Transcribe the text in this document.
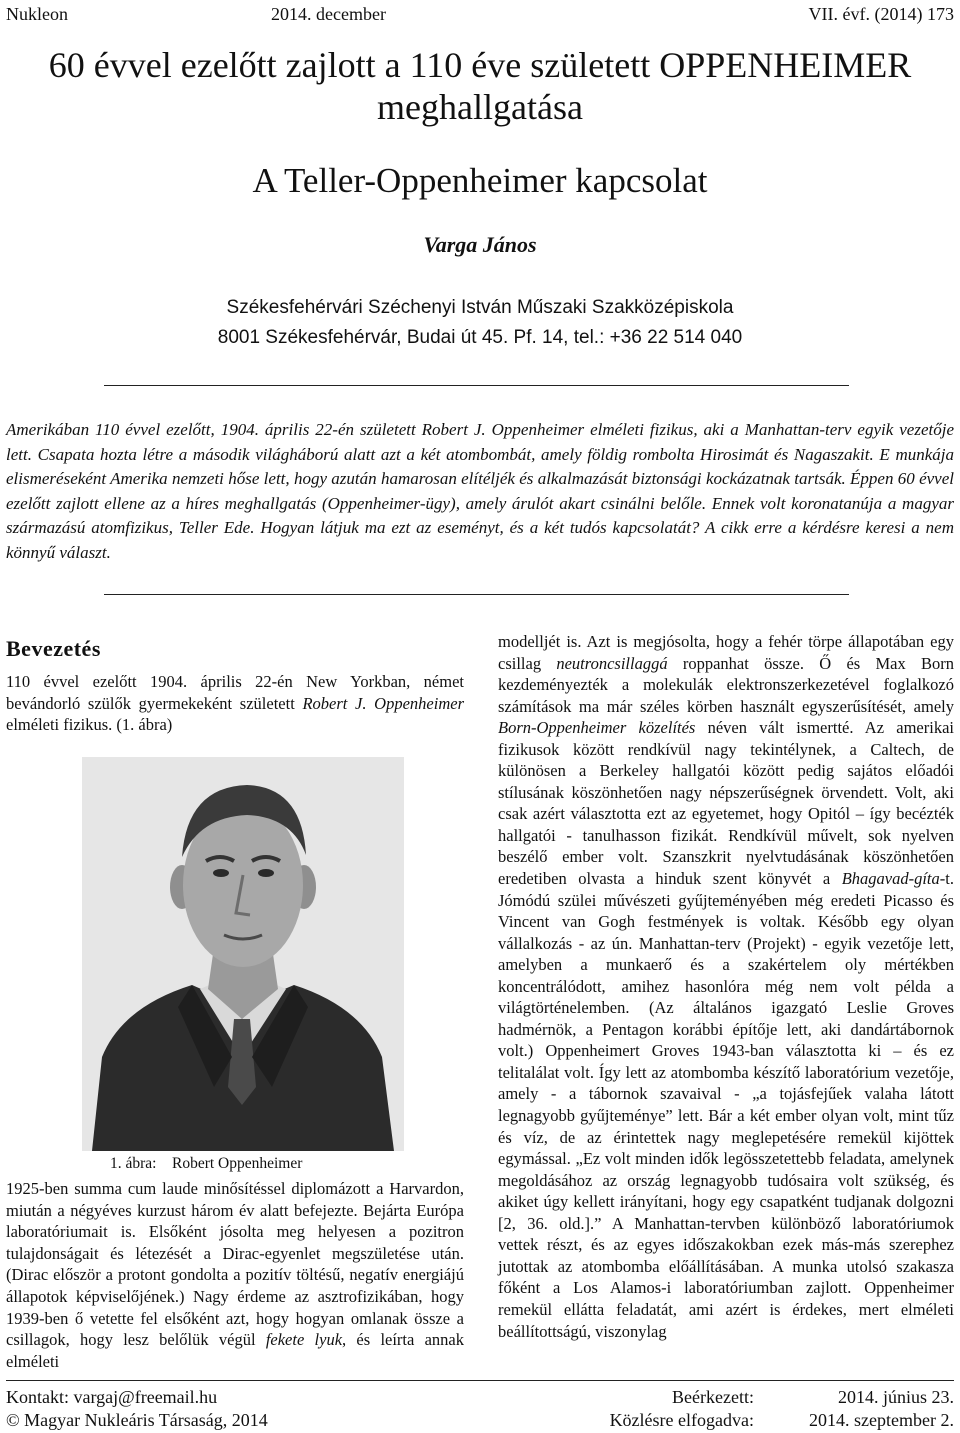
Nukleon	2014. december	VII. évf. (2014) 173
60 évvel ezelőtt zajlott a 110 éve született OPPENHEIMER
meghallgatása
A Teller-Oppenheimer kapcsolat
Varga János
Székesfehérvári Széchenyi István Műszaki Szakközépiskola
8001 Székesfehérvár, Budai út 45. Pf. 14, tel.: +36 22 514 040
Amerikában 110 évvel ezelőtt, 1904. április 22-én született Robert J. Oppenheimer elméleti fizikus, aki a Manhattan-terv egyik vezetője lett. Csapata hozta létre a második világháború alatt azt a két atombombát, amely földig rombolta Hirosimát és Nagaszakit. E munkája elismeréseként Amerika nemzeti hőse lett, hogy azután hamarosan elítéljék és alkalmazását biztonsági kockázatnak tartsák. Éppen 60 évvel ezelőtt zajlott ellene az a híres meghallgatás (Oppenheimer-ügy), amely árulót akart csinálni belőle. Ennek volt koronatanúja a magyar származású atomfizikus, Teller Ede. Hogyan látjuk ma ezt az eseményt, és a két tudós kapcsolatát? A cikk erre a kérdésre keresi a nem könnyű választ.
Bevezetés
110 évvel ezelőtt 1904. április 22-én New Yorkban, német bevándorló szülők gyermekeként született Robert J. Oppenheimer elméleti fizikus. (1. ábra)
1. ábra: Robert Oppenheimer
1925-ben summa cum laude minősítéssel diplomázott a Harvardon, miután a négyéves kurzust három év alatt befejezte. Bejárta Európa laboratóriumait is. Elsőként jósolta meg helyesen a pozitron tulajdonságait és létezését a Dirac-egyenlet megszületése után. (Dirac először a protont gondolta a pozitív töltésű, negatív energiájú állapotok képviselőjének.) Nagy érdeme az asztrofizikában, hogy 1939-ben ő vetette fel elsőként azt, hogy hogyan omlanak össze a csillagok, hogy lesz belőlük végül fekete lyuk, és leírta annak elméleti
modelljét is. Azt is megjósolta, hogy a fehér törpe állapotában egy csillag neutroncsillaggá roppanhat össze. Ő és Max Born kezdeményezték a molekulák elektronszerkezetével foglalkozó számítások ma már széles körben használt egyszerűsítését, amely Born-Oppenheimer közelítés néven vált ismertté. Az amerikai fizikusok között rendkívül nagy tekintélynek, a Caltech, de különösen a Berkeley hallgatói között pedig sajátos előadói stílusának köszönhetően nagy népszerűségnek örvendett. Volt, aki csak azért választotta ezt az egyetemet, hogy Opitól – így becézték hallgatói - tanulhasson fizikát. Rendkívül művelt, sok nyelven beszélő ember volt. Szanszkrit nyelvtudásának köszönhetően eredetiben olvasta a hinduk szent könyvét a Bhagavad-gíta-t. Jómódú szülei művészeti gyűjteményében még eredeti Picasso és Vincent van Gogh festmények is voltak. Később egy olyan vállalkozás - az ún. Manhattan-terv (Projekt) - egyik vezetője lett, amelyben a munkaerő és a szakértelem oly mértékben koncentrálódott, amihez hasonlóra még nem volt példa a világtörténelemben. (Az általános igazgató Leslie Groves hadmérnök, a Pentagon korábbi építője lett, aki dandártábornok volt.) Oppenheimert Groves 1943-ban választotta ki – és ez telitalálat volt. Így lett az atombomba készítő laboratórium vezetője, amely - a tábornok szavaival - „a tojásfejűek valaha látott legnagyobb gyűjteménye” lett. Bár a két ember olyan volt, mint tűz és víz, de az érintettek nagy meglepetésére remekül kijöttek egymással. „Ez volt minden idők legösszetettebb feladata, amelynek megoldásához az ország legnagyobb tudósaira volt szükség, és akiket úgy kellett irányítani, hogy egy csapatként tudjanak dolgozni [2, 36. old.].” A Manhattan-tervben különböző laboratóriumok vettek részt, és az egyes időszakokban ezek más-más szerephez jutottak az atombomba előállításában. A munka utolsó szakasza főként a Los Alamos-i laboratóriumban zajlott. Oppenheimer remekül ellátta feladatát, ami azért is érdekes, mert elméleti beállítottságú, viszonylag
Kontakt: vargaj@freemail.hu	Beérkezett:	2014. június 23.
© Magyar Nukleáris Társaság, 2014	Közlésre elfogadva:	2014. szeptember 2.
